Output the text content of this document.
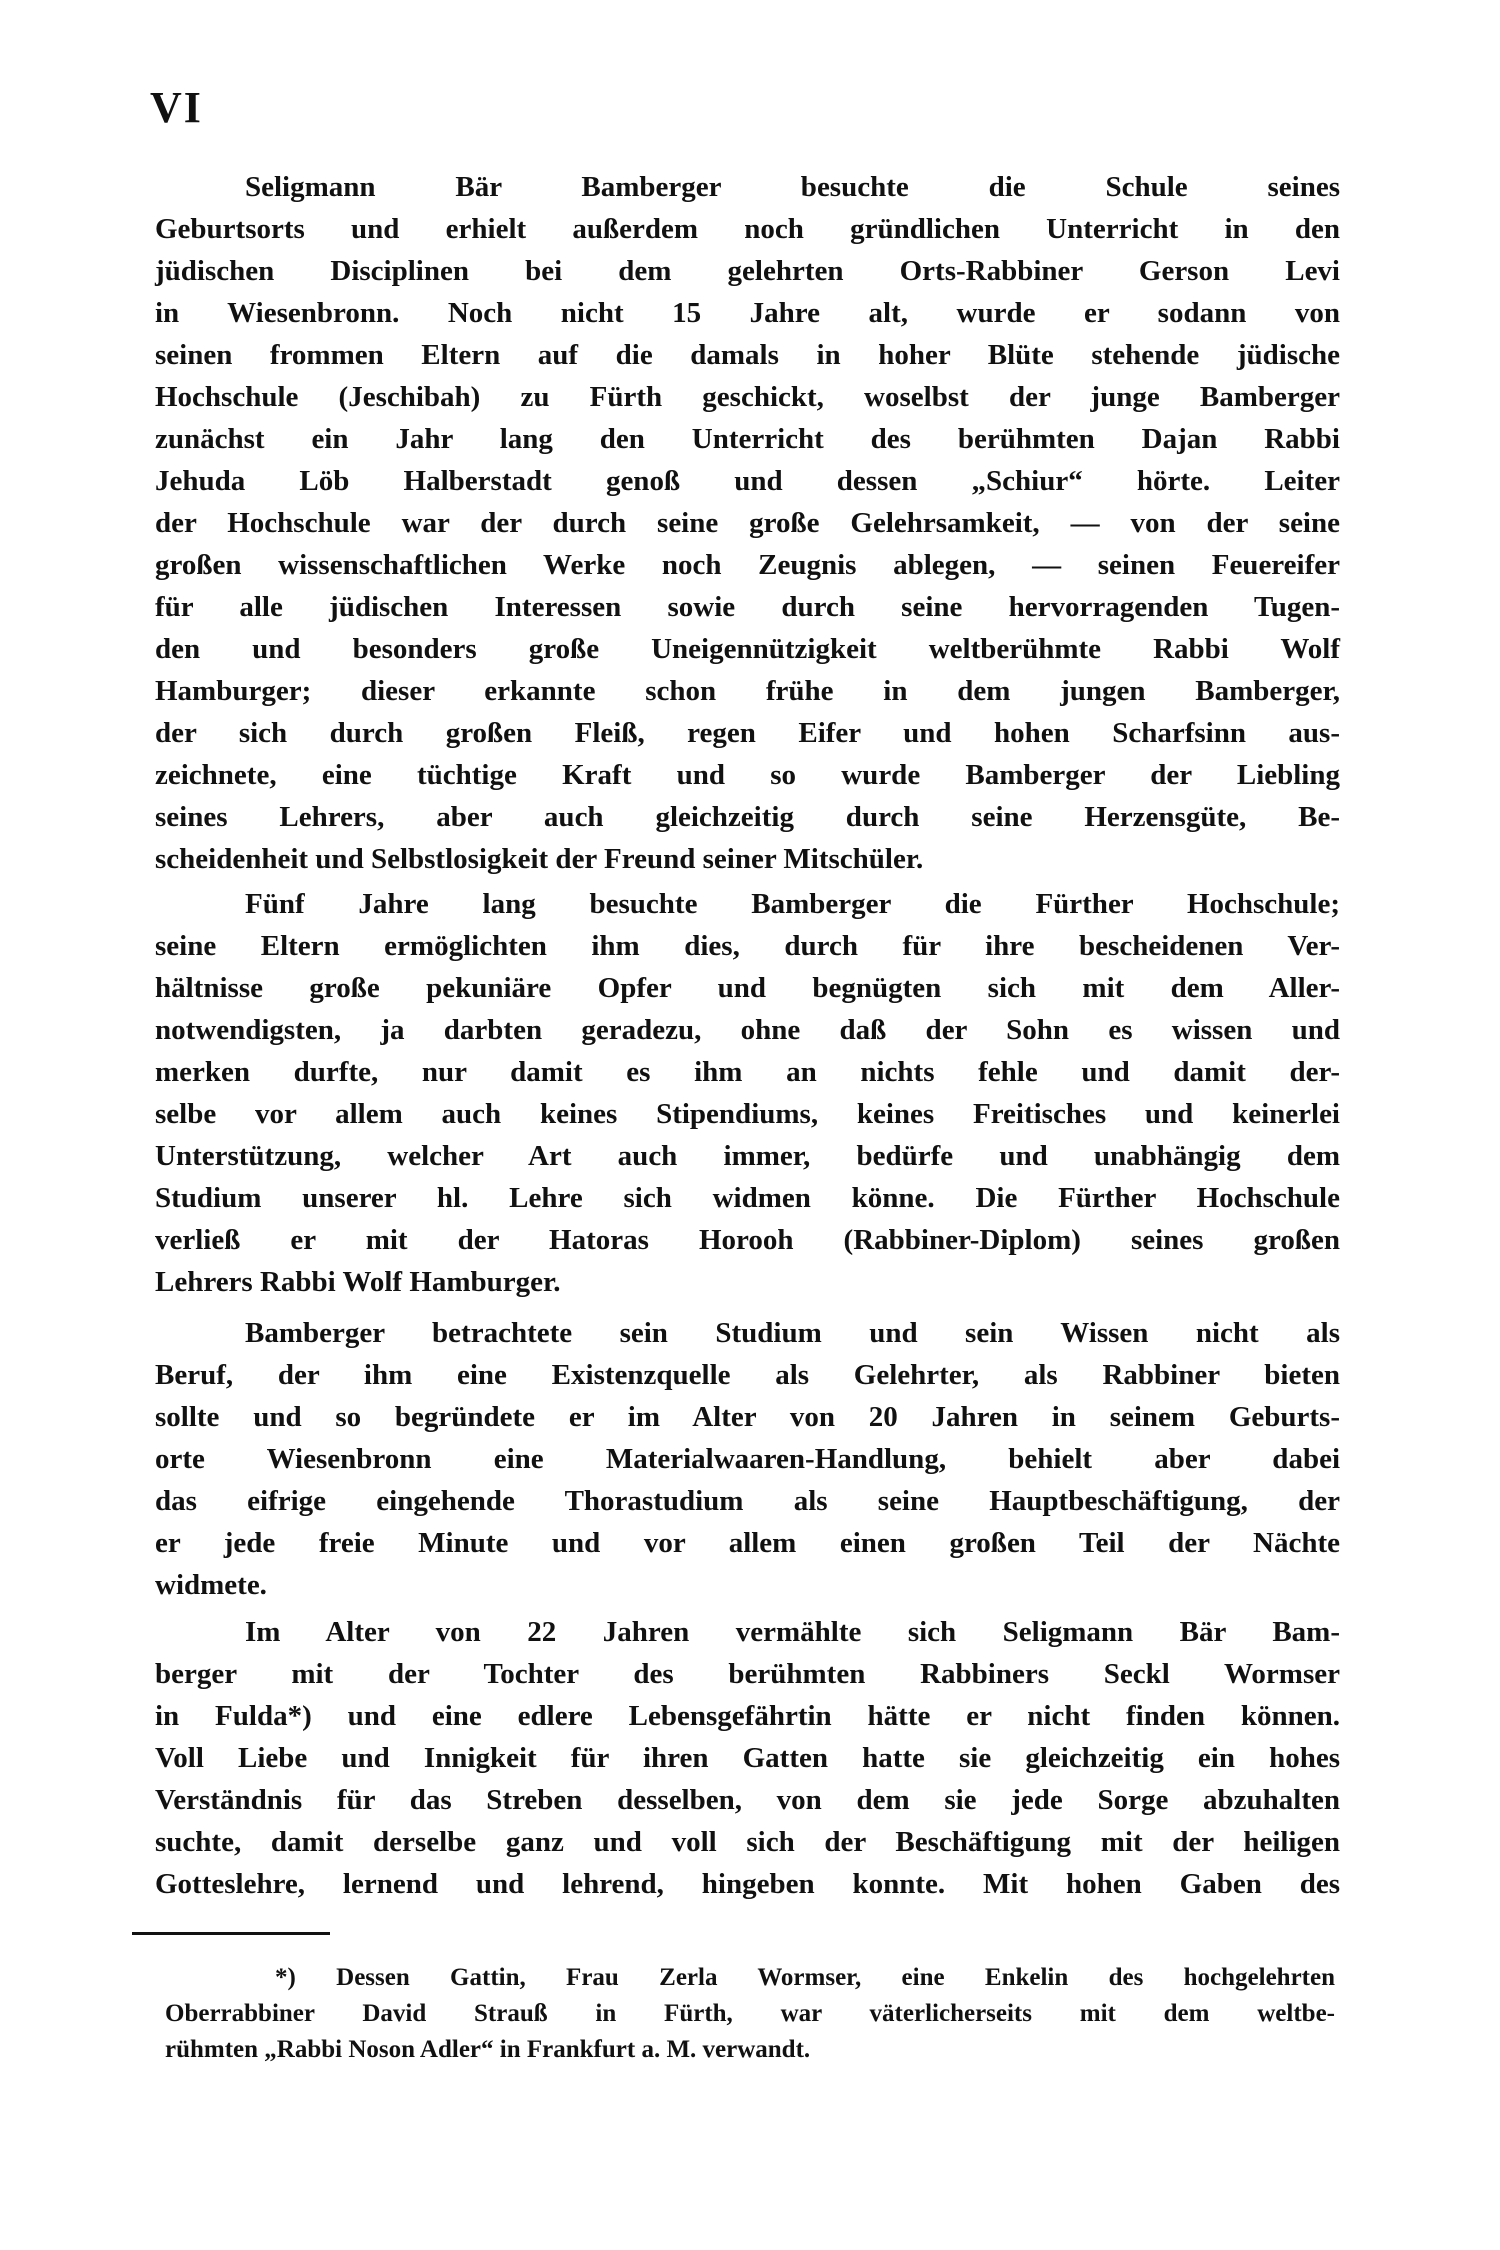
VI
Seligmann Bär Bamberger besuchte die Schule seines
Geburtsorts und erhielt außerdem noch gründlichen Unterricht in den
jüdischen Disciplinen bei dem gelehrten Orts-Rabbiner Gerson Levi
in Wiesenbronn. Noch nicht 15 Jahre alt, wurde er sodann von
seinen frommen Eltern auf die damals in hoher Blüte stehende jüdische
Hochschule (Jeschibah) zu Fürth geschickt, woselbst der junge Bamberger
zunächst ein Jahr lang den Unterricht des berühmten Dajan Rabbi
Jehuda Löb Halberstadt genoß und dessen „Schiur“ hörte. Leiter
der Hochschule war der durch seine große Gelehrsamkeit, — von der seine
großen wissenschaftlichen Werke noch Zeugnis ablegen, — seinen Feuereifer
für alle jüdischen Interessen sowie durch seine hervorragenden Tugen-
den und besonders große Uneigennützigkeit weltberühmte Rabbi Wolf
Hamburger; dieser erkannte schon frühe in dem jungen Bamberger,
der sich durch großen Fleiß, regen Eifer und hohen Scharfsinn aus-
zeichnete, eine tüchtige Kraft und so wurde Bamberger der Liebling
seines Lehrers, aber auch gleichzeitig durch seine Herzensgüte, Be-
scheidenheit und Selbstlosigkeit der Freund seiner Mitschüler.
Fünf Jahre lang besuchte Bamberger die Fürther Hochschule;
seine Eltern ermöglichten ihm dies, durch für ihre bescheidenen Ver-
hältnisse große pekuniäre Opfer und begnügten sich mit dem Aller-
notwendigsten, ja darbten geradezu, ohne daß der Sohn es wissen und
merken durfte, nur damit es ihm an nichts fehle und damit der-
selbe vor allem auch keines Stipendiums, keines Freitisches und keinerlei
Unterstützung, welcher Art auch immer, bedürfe und unabhängig dem
Studium unserer hl. Lehre sich widmen könne. Die Fürther Hochschule
verließ er mit der Hatoras Horooh (Rabbiner-Diplom) seines großen
Lehrers Rabbi Wolf Hamburger.
Bamberger betrachtete sein Studium und sein Wissen nicht als
Beruf, der ihm eine Existenzquelle als Gelehrter, als Rabbiner bieten
sollte und so begründete er im Alter von 20 Jahren in seinem Geburts-
orte Wiesenbronn eine Materialwaaren-Handlung, behielt aber dabei
das eifrige eingehende Thorastudium als seine Hauptbeschäftigung, der
er jede freie Minute und vor allem einen großen Teil der Nächte
widmete.
Im Alter von 22 Jahren vermählte sich Seligmann Bär Bam-
berger mit der Tochter des berühmten Rabbiners Seckl Wormser
in Fulda*) und eine edlere Lebensgefährtin hätte er nicht finden können.
Voll Liebe und Innigkeit für ihren Gatten hatte sie gleichzeitig ein hohes
Verständnis für das Streben desselben, von dem sie jede Sorge abzuhalten
suchte, damit derselbe ganz und voll sich der Beschäftigung mit der heiligen
Gotteslehre, lernend und lehrend, hingeben konnte. Mit hohen Gaben des
*) Dessen Gattin, Frau Zerla Wormser, eine Enkelin des hochgelehrten
Oberrabbiner David Strauß in Fürth, war väterlicherseits mit dem weltbe-
rühmten „Rabbi Noson Adler“ in Frankfurt a. M. verwandt.
